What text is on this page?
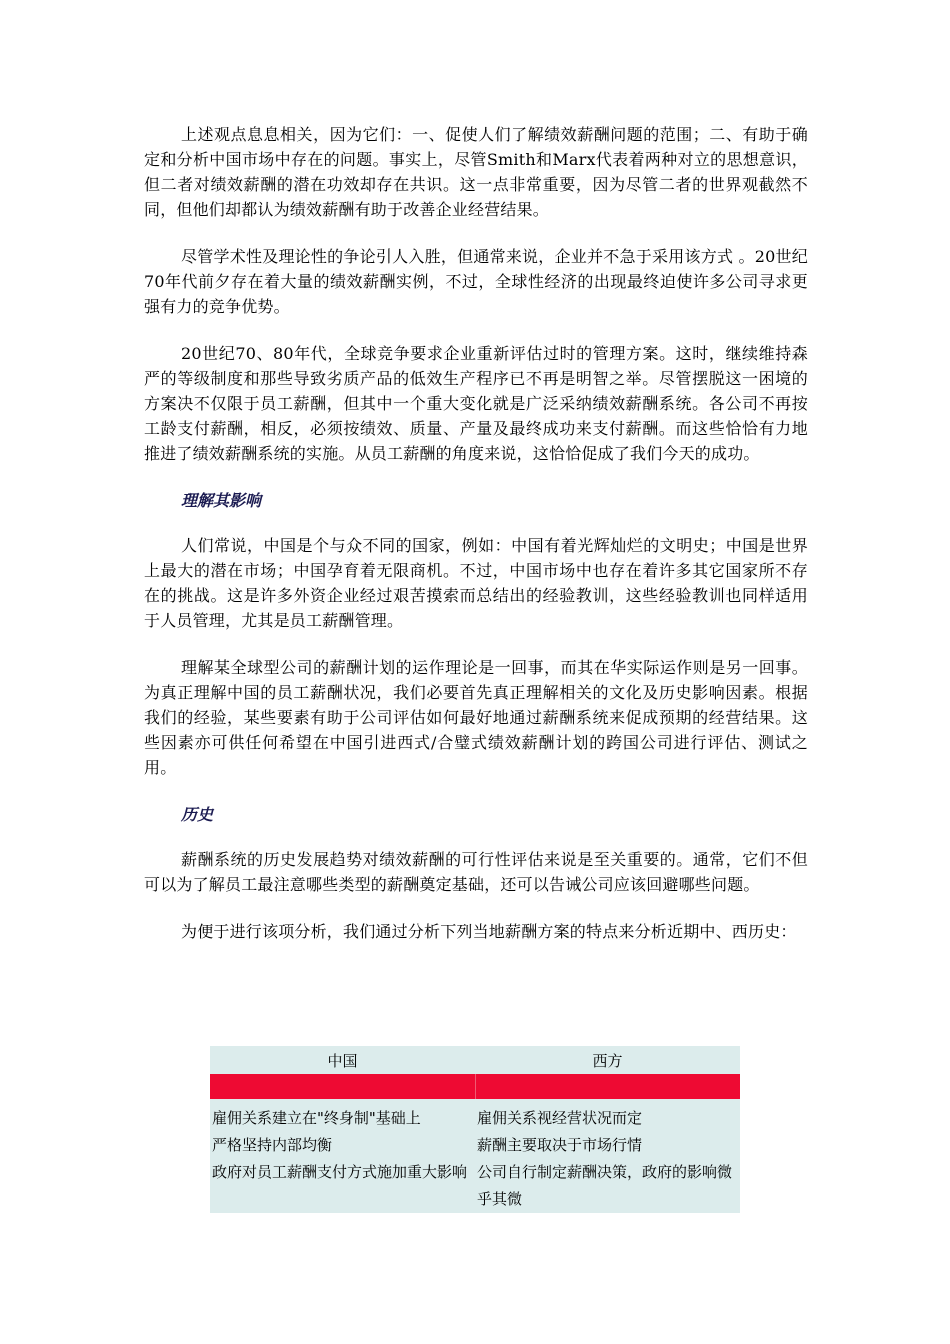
上述观点息息相关，因为它们：一、促使人们了解绩效薪酬问题的范围；二、有助于确定和分析中国市场中存在的问题。事实上，尽管Smith和Marx代表着两种对立的思想意识，但二者对绩效薪酬的潜在功效却存在共识。这一点非常重要，因为尽管二者的世界观截然不同，但他们却都认为绩效薪酬有助于改善企业经营结果。

尽管学术性及理论性的争论引人入胜，但通常来说，企业并不急于采用该方式 。20世纪70年代前夕存在着大量的绩效薪酬实例，不过，全球性经济的出现最终迫使许多公司寻求更强有力的竞争优势。

20世纪70、80年代，全球竞争要求企业重新评估过时的管理方案。这时，继续维持森严的等级制度和那些导致劣质产品的低效生产程序已不再是明智之举。尽管摆脱这一困境的方案决不仅限于员工薪酬，但其中一个重大变化就是广泛采纳绩效薪酬系统。各公司不再按工龄支付薪酬，相反，必须按绩效、质量、产量及最终成功来支付薪酬。而这些恰恰有力地推进了绩效薪酬系统的实施。从员工薪酬的角度来说，这恰恰促成了我们今天的成功。

理解其影响

人们常说，中国是个与众不同的国家，例如：中国有着光辉灿烂的文明史；中国是世界上最大的潜在市场；中国孕育着无限商机。不过，中国市场中也存在着许多其它国家所不存在的挑战。这是许多外资企业经过艰苦摸索而总结出的经验教训，这些经验教训也同样适用于人员管理，尤其是员工薪酬管理。

理解某全球型公司的薪酬计划的运作理论是一回事，而其在华实际运作则是另一回事。为真正理解中国的员工薪酬状况，我们必要首先真正理解相关的文化及历史影响因素。根据我们的经验，某些要素有助于公司评估如何最好地通过薪酬系统来促成预期的经营结果。这些因素亦可供任何希望在中国引进西式/合璧式绩效薪酬计划的跨国公司进行评估、测试之用。

历史

薪酬系统的历史发展趋势对绩效薪酬的可行性评估来说是至关重要的。通常，它们不但可以为了解员工最注意哪些类型的薪酬奠定基础，还可以告诫公司应该回避哪些问题。

为便于进行该项分析，我们通过分析下列当地薪酬方案的特点来分析近期中、西历史：

中国	西方

雇佣关系建立在"终身制"基础上	雇佣关系视经营状况而定
严格坚持内部均衡	薪酬主要取决于市场行情
政府对员工薪酬支付方式施加重大影响	公司自行制定薪酬决策，政府的影响微乎其微
